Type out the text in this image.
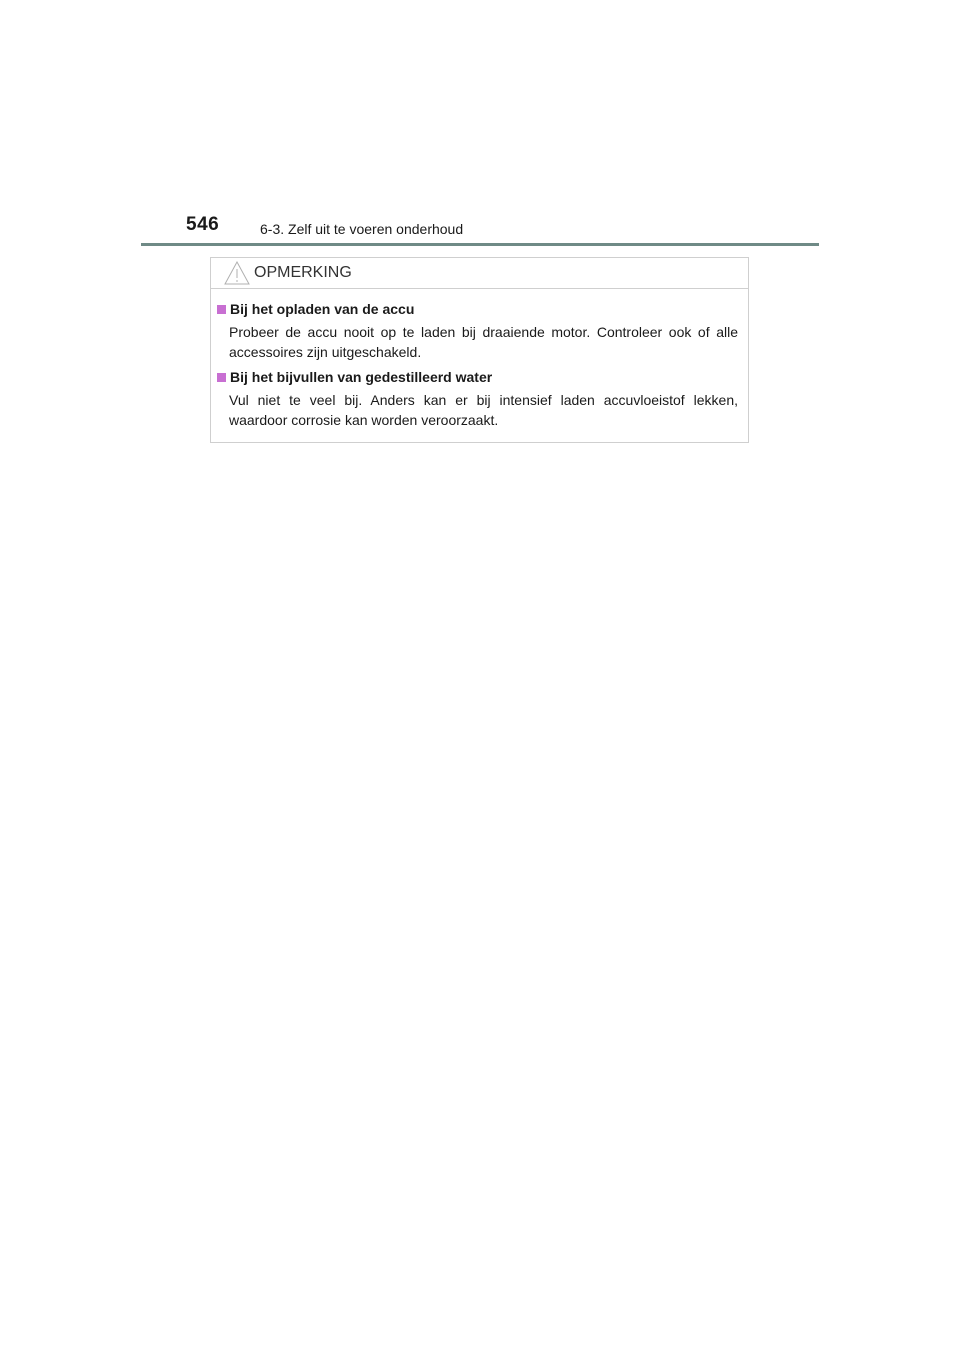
546	6-3. Zelf uit te voeren onderhoud
OPMERKING
Bij het opladen van de accu
Probeer de accu nooit op te laden bij draaiende motor. Controleer ook of alle accessoires zijn uitgeschakeld.
Bij het bijvullen van gedestilleerd water
Vul niet te veel bij. Anders kan er bij intensief laden accuvloeistof lekken, waardoor corrosie kan worden veroorzaakt.
